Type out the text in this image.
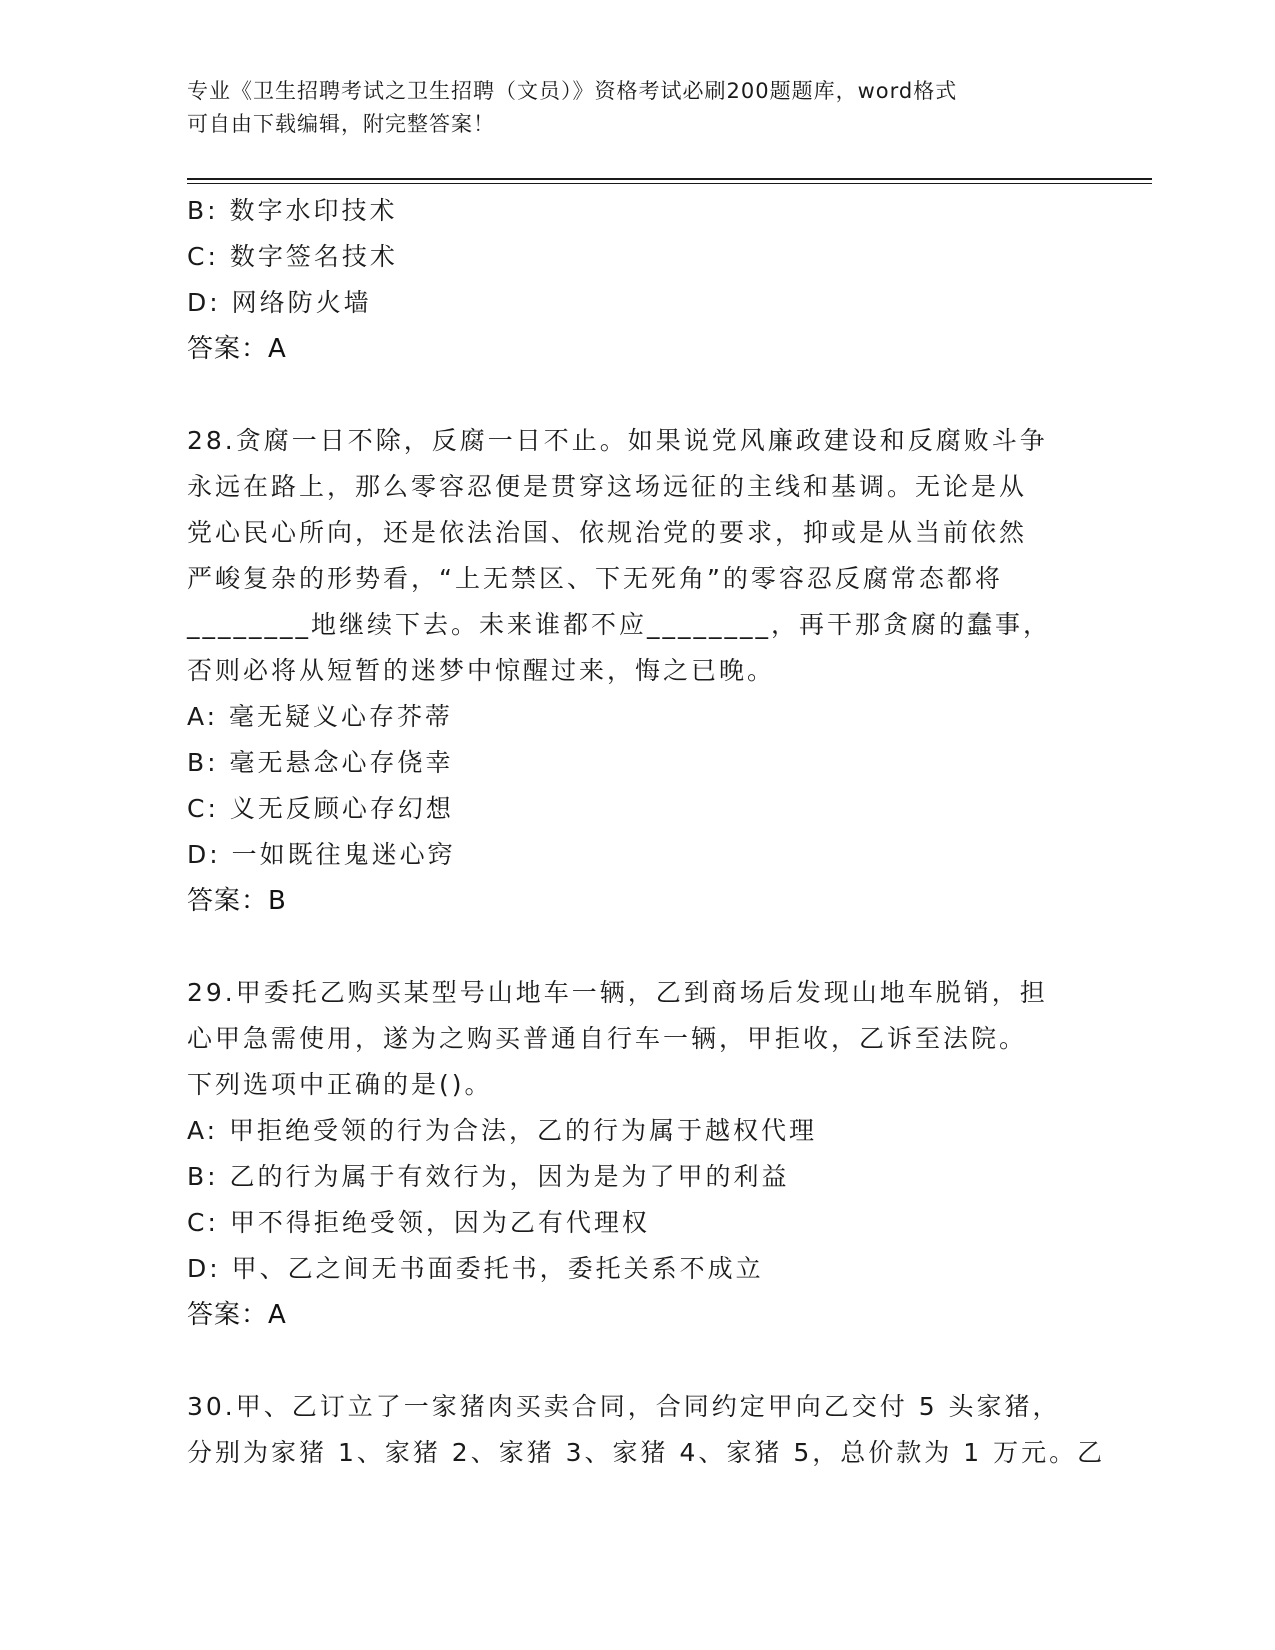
专业《卫生招聘考试之卫生招聘（文员）》资格考试必刷200题题库，word格式
可自由下载编辑，附完整答案！
B: 数字水印技术
C: 数字签名技术
D: 网络防火墙
答案：A
28.贪腐一日不除，反腐一日不止。如果说党风廉政建设和反腐败斗争
永远在路上，那么零容忍便是贯穿这场远征的主线和基调。无论是从
党心民心所向，还是依法治国、依规治党的要求，抑或是从当前依然
严峻复杂的形势看，“上无禁区、下无死角”的零容忍反腐常态都将
________地继续下去。未来谁都不应________，再干那贪腐的蠢事，
否则必将从短暂的迷梦中惊醒过来，悔之已晚。
A: 毫无疑义心存芥蒂
B: 毫无悬念心存侥幸
C: 义无反顾心存幻想
D: 一如既往鬼迷心窍
答案：B
29.甲委托乙购买某型号山地车一辆，乙到商场后发现山地车脱销，担
心甲急需使用，遂为之购买普通自行车一辆，甲拒收，乙诉至法院。
下列选项中正确的是()。
A: 甲拒绝受领的行为合法，乙的行为属于越权代理
B: 乙的行为属于有效行为，因为是为了甲的利益
C: 甲不得拒绝受领，因为乙有代理权
D: 甲、乙之间无书面委托书，委托关系不成立
答案：A
30.甲、乙订立了一家猪肉买卖合同，合同约定甲向乙交付 5 头家猪，
分别为家猪 1、家猪 2、家猪 3、家猪 4、家猪 5，总价款为 1 万元。乙
